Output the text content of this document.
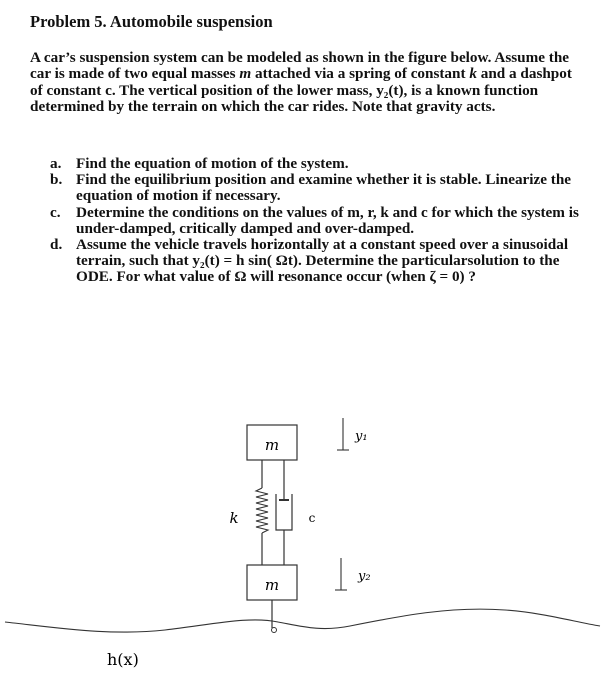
Problem 5. Automobile suspension

A car’s suspension system can be modeled as shown in the figure below. Assume the car is made of two equal masses m attached via a spring of constant k and a dashpot of constant c. The vertical position of the lower mass, y₂(t), is a known function determined by the terrain on which the car rides. Note that gravity acts.

a. Find the equation of motion of the system.
b. Find the equilibrium position and examine whether it is stable. Linearize the equation of motion if necessary.
c. Determine the conditions on the values of m, r, k and c for which the system is under-damped, critically damped and over-damped.
d. Assume the vehicle travels horizontally at a constant speed over a sinusoidal terrain, such that y₂(t) = h sin( Ωt). Determine the particularsolution to the ODE. For what value of Ω will resonance occur (when ζ = 0) ?
m
m
k	c
y₁
y₂
h(x)
